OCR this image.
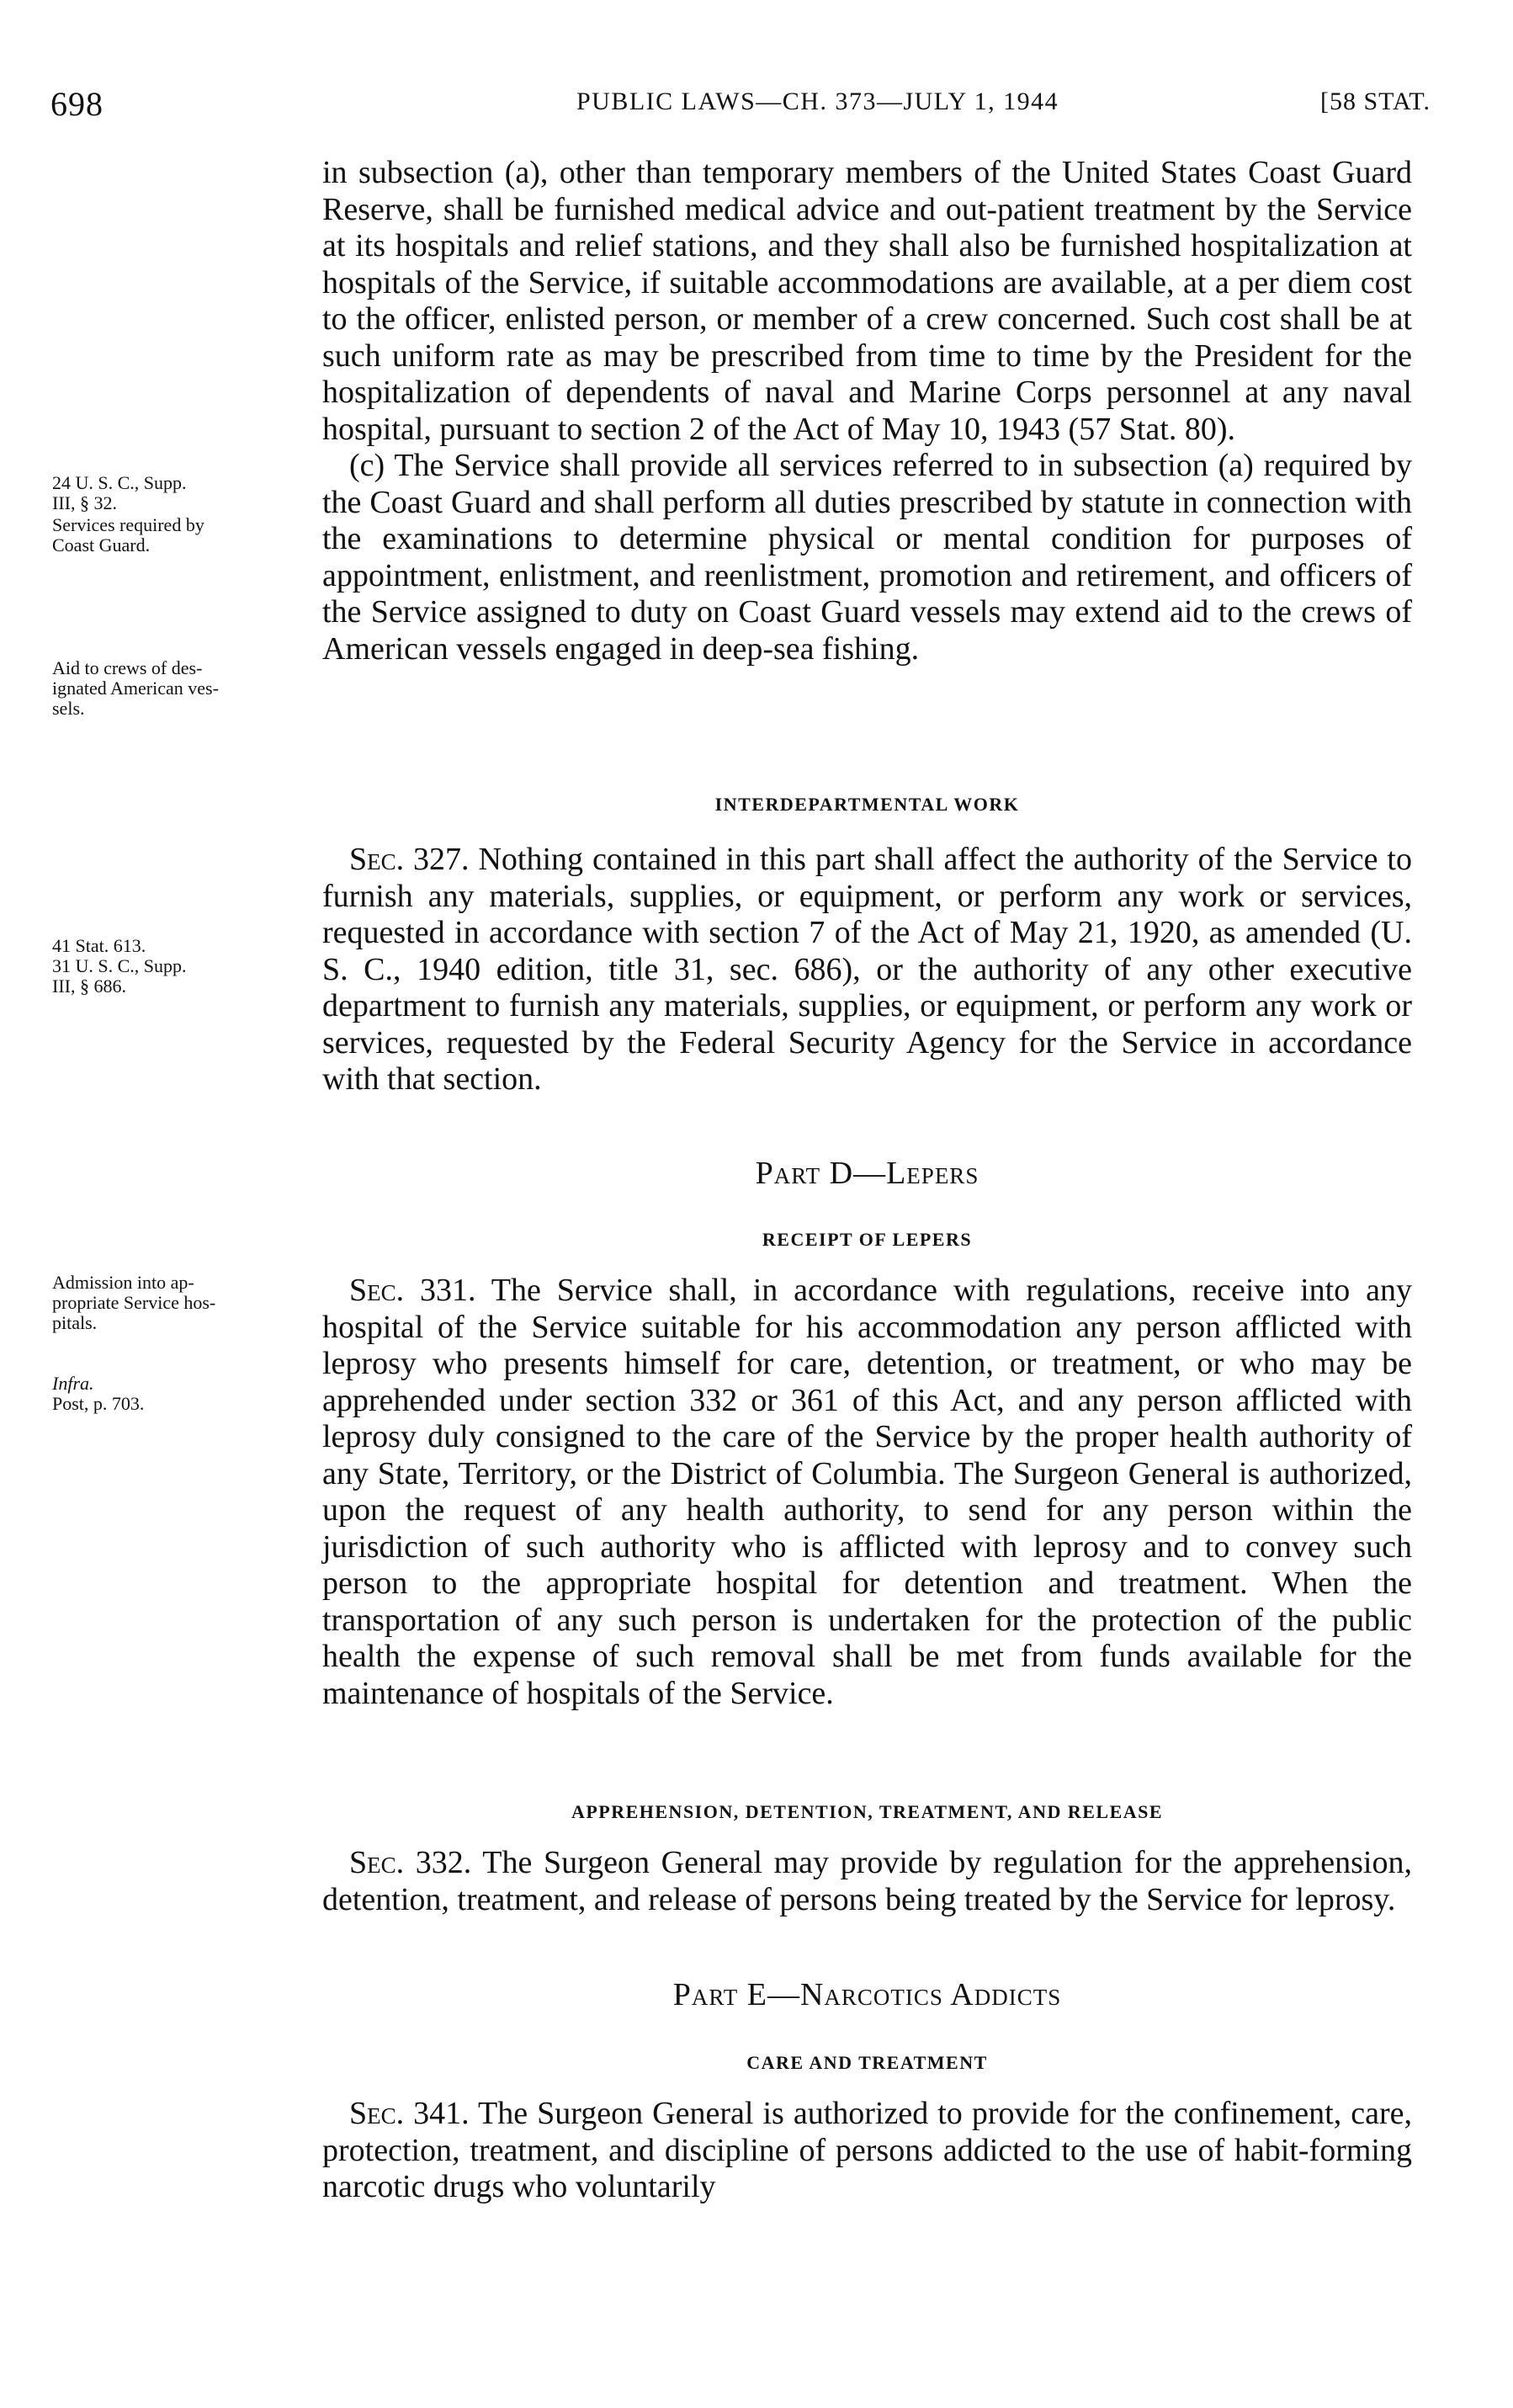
698	PUBLIC LAWS—CH. 373—JULY 1, 1944	[58 STAT.
24 U. S. C., Supp.
III, § 32.
Services required by
Coast Guard.
Aid to crews of des-
ignated American ves-
sels.
41 Stat. 613.
31 U. S. C., Supp.
III, § 686.
Admission into ap-
propriate Service hos-
pitals.
Infra.
Post, p. 703.

in subsection (a), other than temporary members of the United States Coast Guard Reserve, shall be furnished medical advice and out-patient treatment by the Service at its hospitals and relief stations, and they shall also be furnished hospitalization at hospitals of the Service, if suitable accommodations are available, at a per diem cost to the officer, enlisted person, or member of a crew concerned. Such cost shall be at such uniform rate as may be prescribed from time to time by the President for the hospitalization of dependents of naval and Marine Corps personnel at any naval hospital, pursuant to section 2 of the Act of May 10, 1943 (57 Stat. 80).

(c) The Service shall provide all services referred to in subsection (a) required by the Coast Guard and shall perform all duties prescribed by statute in connection with the examinations to determine physical or mental condition for purposes of appointment, enlistment, and reenlistment, promotion and retirement, and officers of the Service assigned to duty on Coast Guard vessels may extend aid to the crews of American vessels engaged in deep-sea fishing.

INTERDEPARTMENTAL WORK

Sec. 327. Nothing contained in this part shall affect the authority of the Service to furnish any materials, supplies, or equipment, or perform any work or services, requested in accordance with section 7 of the Act of May 21, 1920, as amended (U. S. C., 1940 edition, title 31, sec. 686), or the authority of any other executive department to furnish any materials, supplies, or equipment, or perform any work or services, requested by the Federal Security Agency for the Service in accordance with that section.

Part D—Lepers
RECEIPT OF LEPERS

Sec. 331. The Service shall, in accordance with regulations, receive into any hospital of the Service suitable for his accommodation any person afflicted with leprosy who presents himself for care, detention, or treatment, or who may be apprehended under section 332 or 361 of this Act, and any person afflicted with leprosy duly consigned to the care of the Service by the proper health authority of any State, Territory, or the District of Columbia. The Surgeon General is authorized, upon the request of any health authority, to send for any person within the jurisdiction of such authority who is afflicted with leprosy and to convey such person to the appropriate hospital for detention and treatment. When the transportation of any such person is undertaken for the protection of the public health the expense of such removal shall be met from funds available for the maintenance of hospitals of the Service.

APPREHENSION, DETENTION, TREATMENT, AND RELEASE

Sec. 332. The Surgeon General may provide by regulation for the apprehension, detention, treatment, and release of persons being treated by the Service for leprosy.

Part E—Narcotics Addicts
CARE AND TREATMENT

Sec. 341. The Surgeon General is authorized to provide for the confinement, care, protection, treatment, and discipline of persons addicted to the use of habit-forming narcotic drugs who voluntarily
